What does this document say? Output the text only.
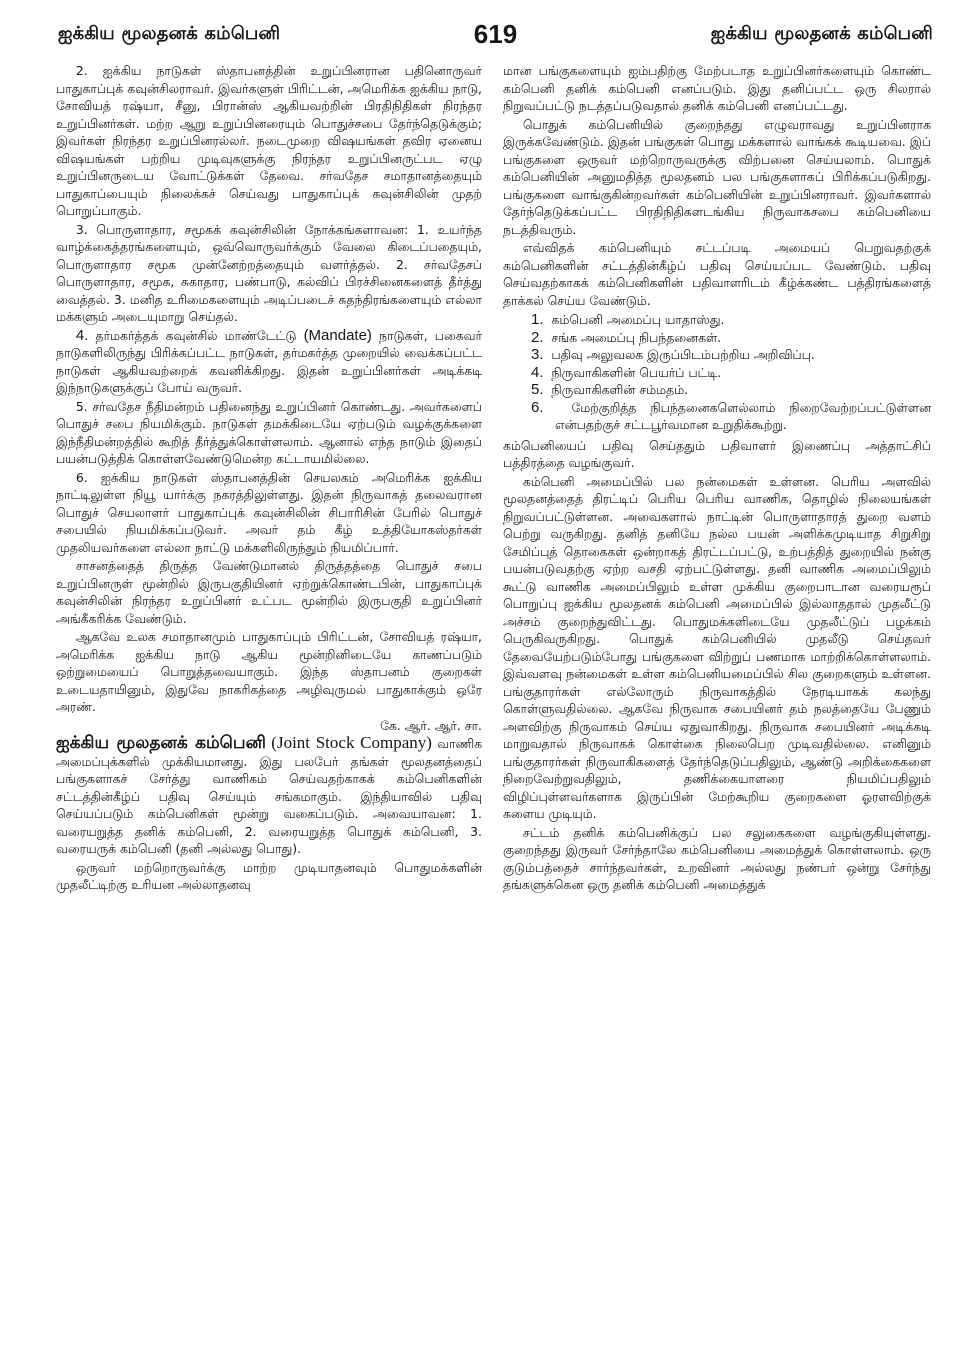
ஐக்கிய மூலதனக் கம்பெனி	619	ஐக்கிய மூலதனக் கம்பெனி

2. ஐக்கிய நாடுகள் ஸ்தாபனத்தின் உறுப்பினரான பதினொருவர் பாதுகாப்புக் கவுன்சிலராவர். இவர்களுள் பிரிட்டன், அமெரிக்க ஐக்கிய நாடு, சோவியத் ரஷ்யா, சீனு, பிரான்ஸ் ஆகியவற்றின் பிரதிநிதிகள் நிரந்தர உறுப்பினர்கள். மற்ற ஆறு உறுப்பினரையும் பொதுச்சபை தேர்ந்தெடுக்கும்; இவர்கள் நிரந்தர உறுப்பினரல்லர். நடைமுறை விஷயங்கள் தவிர ஏனைய விஷயங்கள் பற்றிய முடிவுகளுக்கு நிரந்தர உறுப்பினருட்பட ஏழு உறுப்பினருடைய வோட்டுக்கள் தேவை. சர்வதேச சமாதானத்தையும் பாதுகாப்பையும் நிலைக்கச் செய்வது பாதுகாப்புக் கவுன்சிலின் முதற் பொறுப்பாகும்.

3. பொருளாதார, சமூகக் கவுன்சிலின் நோக்கங்களாவன: 1. உயர்ந்த வாழ்க்கைத்தரங்களையும், ஒவ்வொருவர்க்கும் வேலை கிடைப்பதையும், பொருளாதார சமூக முன்னேற்றத்தையும் வளர்த்தல். 2. சர்வதேசப் பொருளாதார, சமூக, சுகாதார, பண்பாடு, கல்விப் பிரச்சினைகளைத் தீர்த்து வைத்தல். 3. மனித உரிமைகளையும் அடிப்படைச் சுதந்திரங்களையும் எல்லா மக்களும் அடையுமாறு செய்தல்.

4. தர்மகர்த்தக் கவுன்சில் மாண்டேட்டு (Mandate) நாடுகள், பகைவர் நாடுகளிலிருந்து பிரிக்கப்பட்ட நாடுகள், தர்மகர்த்த முறையில் வைக்கப்பட்ட நாடுகள் ஆகியவற்றைக் கவனிக்கிறது. இதன் உறுப்பினர்கள் அடிக்கடி இந்நாடுகளுக்குப் போய் வருவர்.

5. சர்வதேச நீதிமன்றம் பதினைந்து உறுப்பினர் கொண்டது. அவர்களைப் பொதுச் சபை நியமிக்கும். நாடுகள் தமக்கிடையே ஏற்படும் வழக்குக்களை இந்நீதிமன்றத்தில் கூறித் தீர்த்துக்கொள்ளலாம். ஆனால் எந்த நாடும் இதைப் பயன்படுத்திக் கொள்ளவேண்டுமென்ற கட்டாயமில்லை.

6. ஐக்கிய நாடுகள் ஸ்தாபனத்தின் செயலகம் அமெரிக்க ஐக்கிய நாட்டிலுள்ள நியூ யார்க்கு நகரத்திலுள்ளது. இதன் நிருவாகத் தலைவரான பொதுச் செயலாளர் பாதுகாப்புக் கவுன்சிலின் சிபாரிசின் பேரில் பொதுச் சபையில் நியமிக்கப்படுவர். அவர் தம் கீழ் உத்தியோகஸ்தர்கள் முதலியவர்களை எல்லா நாட்டு மக்களிலிருந்தும் நியமிப்பார்.

சாசனத்தைத் திருத்த வேண்டுமானல் திருத்தத்தை பொதுச் சபை உறுப்பினருள் மூன்றில் இருபகுதியினர் ஏற்றுக்கொண்டபின், பாதுகாப்புக் கவுன்சிலின் நிரந்தர உறுப்பினர் உட்பட மூன்றில் இருபகுதி உறுப்பினர் அங்கீகரிக்க வேண்டும்.

ஆகவே உலக சமாதானமும் பாதுகாப்பும் பிரிட்டன், சோவியத் ரஷ்யா, அமெரிக்க ஐக்கிய நாடு ஆகிய மூன்றினிடையே காணப்படும் ஒற்றுமையைப் பொறுத்தவையாகும். இந்த ஸ்தாபனம் குறைகள் உடையதாயினும், இதுவே நாகரிகத்தை அழிவுருமல் பாதுகாக்கும் ஒரே அரண்.

கே. ஆர். ஆர். சா.

ஐக்கிய மூலதனக் கம்பெனி (Joint Stock Company) வாணிக அமைப்புக்களில் முக்கியமானது. இது பலபேர் தங்கள் மூலதனத்தைப் பங்குகளாகச் சேர்த்து வாணிகம் செய்வதற்காகக் கம்பெனிகளின் சட்டத்தின்கீழ்ப் பதிவு செய்யும் சங்கமாகும். இந்தியாவில் பதிவு செய்யப்படும் கம்பெனிகள் மூன்று வகைப்படும். அவையாவன: 1. வரையறுத்த தனிக் கம்பெனி, 2. வரையறுத்த பொதுக் கம்பெனி, 3. வரையருக் கம்பெனி (தனி அல்லது பொது).

ஒருவர் மற்றொருவர்க்கு மாற்ற முடியாதனவும் பொதுமக்களின் முதலீட்டிற்கு உரியன அல்லாதனவு

மான பங்குகளையும் ஐம்பதிற்கு மேற்படாத உறுப்பினர்களையும் கொண்ட கம்பெனி தனிக் கம்பெனி எனப்படும். இது தனிப்பட்ட ஒரு சிலரால் நிறுவப்பட்டு நடத்தப்படுவதால் தனிக் கம்பெனி எனப்பட்டது.

பொதுக் கம்பெனியில் குறைந்தது எழுவராவது உறுப்பினராக இருக்கவேண்டும். இதன் பங்குகள் பொது மக்களால் வாங்கக் கூடியவை. இப் பங்குகளை ஒருவர் மற்றொருவருக்கு விற்பனை செய்யலாம். பொதுக் கம்பெனியின் அனுமதித்த மூலதனம் பல பங்குகளாகப் பிரிக்கப்படுகிறது. பங்குகளை வாங்குகின்றவர்கள் கம்பெனியின் உறுப்பினராவர். இவர்களால் தேர்ந்தெடுக்கப்பட்ட பிரதிநிதிகளடங்கிய நிருவாகசபை கம்பெனியை நடத்திவரும்.

எவ்விதக் கம்பெனியும் சட்டப்படி அமையப் பெறுவதற்குக் கம்பெனிகளின் சட்டத்தின்கீழ்ப் பதிவு செய்யப்பட வேண்டும். பதிவு செய்வதற்காகக் கம்பெனிகளின் பதிவாளரிடம் கீழ்க்கண்ட பத்திரங்களைத் தாக்கல் செய்ய வேண்டும்.

1. கம்பெனி அமைப்பு யாதாஸ்து.
2. சங்க அமைப்பு நிபந்தனைகள்.
3. பதிவு அலுவலக இருப்பிடம்பற்றிய அறிவிப்பு.
4. நிருவாகிகளின் பெயர்ப் பட்டி.
5. நிருவாகிகளின் சம்மதம்.
6. மேற்குறித்த நிபந்தனைகளெல்லாம் நிறைவேற்றப்பட்டுள்ளன என்பதற்குச் சட்டபூர்வமான உறுதிக்கூற்று.

கம்பெனியைப் பதிவு செய்ததும் பதிவாளர் இணைப்பு அத்தாட்சிப் பத்திரத்தை வழங்குவர்.

கம்பெனி அமைப்பில் பல நன்மைகள் உள்ளன. பெரிய அளவில் மூலதனத்தைத் திரட்டிப் பெரிய பெரிய வாணிக, தொழில் நிலையங்கள் நிறுவப்பட்டுள்ளன. அவைகளால் நாட்டின் பொருளாதாரத் துறை வளம் பெற்று வருகிறது. தனித் தனியே நல்ல பயன் அளிக்கமுடியாத சிறுசிறு சேமிப்புத் தொகைகள் ஒன்றாகத் திரட்டப்பட்டு, உற்பத்தித் துறையில் நன்கு பயன்படுவதற்கு ஏற்ற வசதி ஏற்பட்டுள்ளது. தனி வாணிக அமைப்பிலும் கூட்டு வாணிக அமைப்பிலும் உள்ள முக்கிய குறைபாடான வரையரூப் பொறுப்பு ஐக்கிய மூலதனக் கம்பெனி அமைப்பில் இல்லாததால் முதலீட்டு அச்சம் குறைந்துவிட்டது. பொதுமக்களிடையே முதலீட்டுப் பழக்கம் பெருகிவருகிறது. பொதுக் கம்பெனியில் முதலீடு செய்தவர் தேவையேற்படும்போது பங்குகளை விற்றுப் பணமாக மாற்றிக்கொள்ளலாம். இவ்வளவு நன்மைகள் உள்ள கம்பெனியமைப்பில் சில குறைகளும் உள்ளன. பங்குதாரர்கள் எல்லோரும் நிருவாகத்தில் நேரடியாகக் கலந்து கொள்ளுவதில்லை. ஆகவே நிருவாக சபையினர் தம் நலத்தையே பேணும் அளவிற்கு நிருவாகம் செய்ய ஏதுவாகிறது. நிருவாக சபையினர் அடிக்கடி மாறுவதால் நிருவாகக் கொள்கை நிலைபெற முடிவதில்லை. எனினும் பங்குதாரர்கள் நிருவாகிகளைத் தேர்ந்தெடுப்பதிலும், ஆண்டு அறிக்கைகளை நிறைவேற்றுவதிலும், தணிக்கையாளரை நியமிப்பதிலும் விழிப்புள்ளவர்களாக இருப்பின் மேற்கூறிய குறைகளை ஓரளவிற்குக் களைய முடியும்.

சட்டம் தனிக் கம்பெனிக்குப் பல சலுகைகளை வழங்குகியுள்ளது. குறைந்தது இருவர் சேர்ந்தாலே கம்பெனியை அமைத்துக் கொள்ளலாம். ஒரு குடும்பத்தைச் சார்ந்தவர்கள், உறவினர் அல்லது நண்பர் ஒன்று சேர்ந்து தங்களுக்கென ஒரு தனிக் கம்பெனி அமைத்துக்
